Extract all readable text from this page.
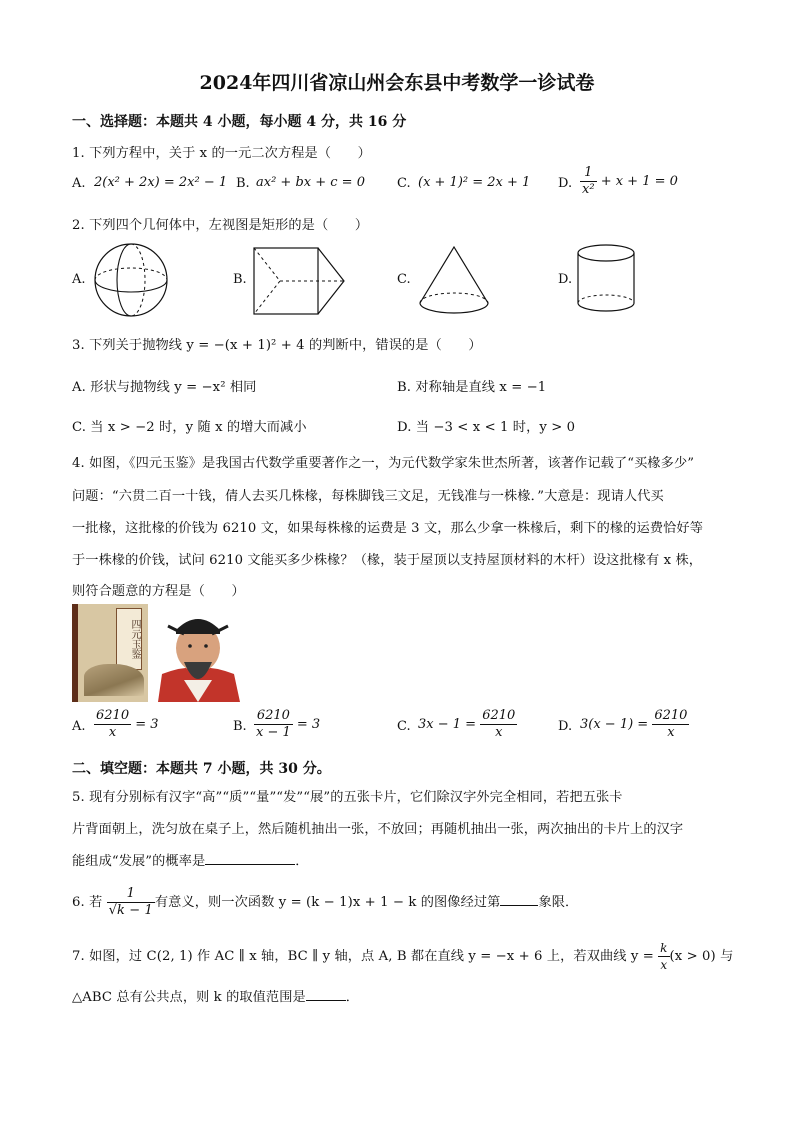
2024年四川省凉山州会东县中考数学一诊试卷
一、选择题：本题共 4 小题，每小题 4 分，共 16 分
1. 下列方程中，关于 x 的一元二次方程是（　　）
A. 2(x² + 2x) = 2x² − 1 B. ax² + bx + c = 0 C. (x + 1)² = 2x + 1 D. $\frac{1}{\text{x²}} + x + 1 = 0$
2. 下列四个几何体中，左视图是矩形的是（　　）
A.	B.	C.	D.
3. 下列关于抛物线 y = −(x + 1)² + 4 的判断中，错误的是（　　）
A. 形状与抛物线 y = −x² 相同	B. 对称轴是直线 x = −1
C. 当 x > −2 时，y 随 x 的增大而减小	D. 当 −3 < x < 1 时，y > 0
4. 如图，《四元玉鉴》是我国古代数学重要著作之一，为元代数学家朱世杰所著，该著作记载了“买椽多少”
问题：“六贯二百一十钱，倩人去买几株椽，每株脚钱三文足，无钱准与一株椽．”大意是：现请人代买
一批椽，这批椽的价钱为 6210 文，如果每株椽的运费是 3 文，那么少拿一株椽后，剩下的椽的运费恰好等
于一株椽的价钱，试问 6210 文能买多少株椽？（椽，装于屋顶以支持屋顶材料的木杆）设这批椽有 x 株，
则符合题意的方程是（　　）
四元玉鉴
A. $\frac{6210}{x} = 3$	B. $\frac{6210}{x - 1} = 3$	C. $3x - 1 = \frac{6210}{x}$	D. $3(x - 1) = \frac{6210}{x}$
二、填空题：本题共 7 小题，共 30 分。
5. 现有分别标有汉字“高”“质”“量”“发”“展”的五张卡片，它们除汉字外完全相同，若把五张卡
片背面朝上，洗匀放在桌子上，然后随机抽出一张，不放回；再随机抽出一张，两次抽出的卡片上的汉字
能组成“发展”的概率是	．
6. 若 $\frac{1}{√k - 1}$ 有意义，则一次函数 y = (k − 1)x + 1 − k 的图像经过第	象限．
7. 如图，过 C(2, 1) 作 AC ∥ x 轴，BC ∥ y 轴，点 A, B 都在直线 y = −x + 6 上，若双曲线 $y = \frac{k}{x} (x > 0)$ 与
△ABC 总有公共点，则 k 的取值范围是	．
